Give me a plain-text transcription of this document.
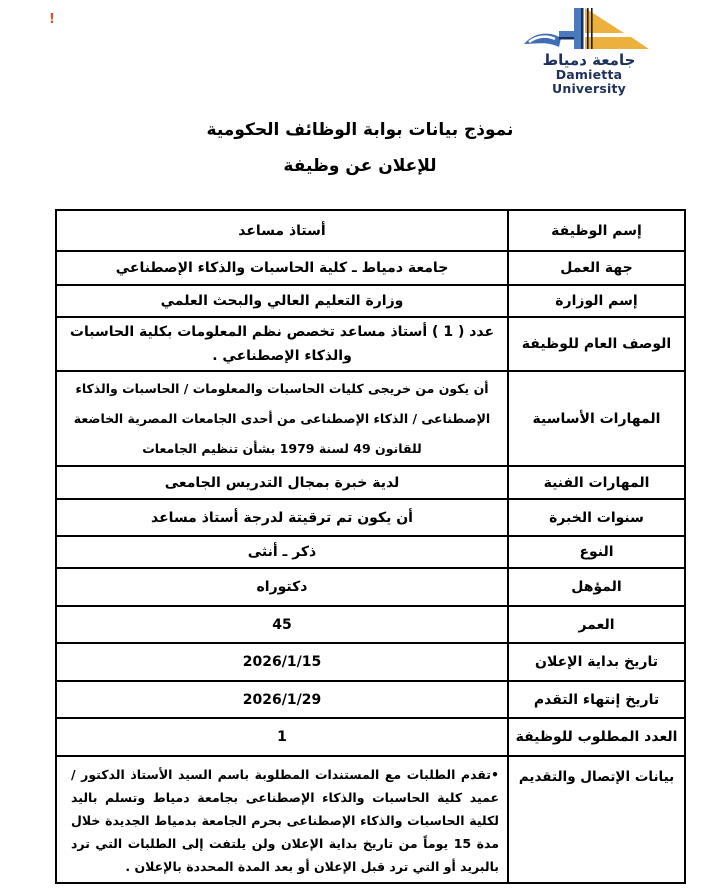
!
جامعة دمياط
Damietta University
نموذج بيانات بوابة الوظائف الحكومية
للإعلان عن وظيفة
إسم الوظيفة	أستاذ مساعد
جهة العمل	جامعة دمياط ـ كلية الحاسبات والذكاء الإصطناعي
إسم الوزارة	وزارة التعليم العالي والبحث العلمي
الوصف العام للوظيفة	عدد ( 1 ) أستاذ مساعد تخصص نظم المعلومات بكلية الحاسبات والذكاء الإصطناعي .
المهارات الأساسية	أن يكون من خريجى كليات الحاسبات والمعلومات / الحاسبات والذكاء الإصطناعى / الذكاء الإصطناعى من أحدى الجامعات المصرية الخاضعة للقانون 49 لسنة 1979 بشأن تنظيم الجامعات
المهارات الفنية	لدية خبرة بمجال التدريس الجامعى
سنوات الخبرة	أن يكون تم ترقيتة لدرجة أستاذ مساعد
النوع	ذكر ـ أنثى
المؤهل	دكتوراه
العمر	45
تاريخ بداية الإعلان	2026/1/15
تاريخ إنتهاء التقدم	2026/1/29
العدد المطلوب للوظيفة	1
بيانات الإتصال والتقديم	•تقدم الطلبات مع المستندات المطلوبة باسم السيد الأستاذ الدكتور / عميد كلية الحاسبات والذكاء الإصطناعى بجامعة دمياط وتسلم باليد لكلية الحاسبات والذكاء الإصطناعى بحرم الجامعة بدمياط الجديدة خلال مدة 15 يوماً من تاريخ بداية الإعلان ولن يلتفت إلى الطلبات التي ترد بالبريد أو التي ترد قبل الإعلان أو بعد المدة المحددة بالإعلان .
